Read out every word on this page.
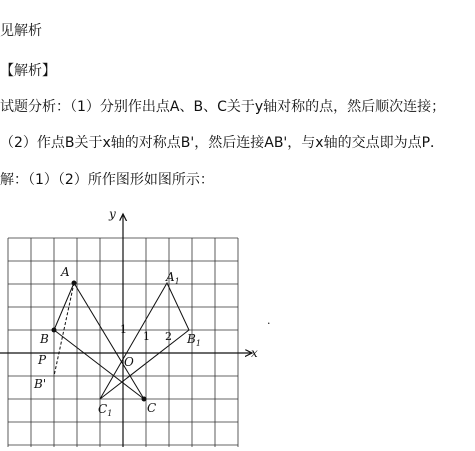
见解析
【解析】
试题分析：（1）分别作出点A、B、C关于y轴对称的点，然后顺次连接；
（2）作点B关于x轴的对称点B'，然后连接AB'，与x轴的交点即为点P．
解：（1）（2）所作图形如图所示：
x
y
O
1 2
1
A
B
C
P
B'
$A_1$
$B_1$
$C_1$
.
